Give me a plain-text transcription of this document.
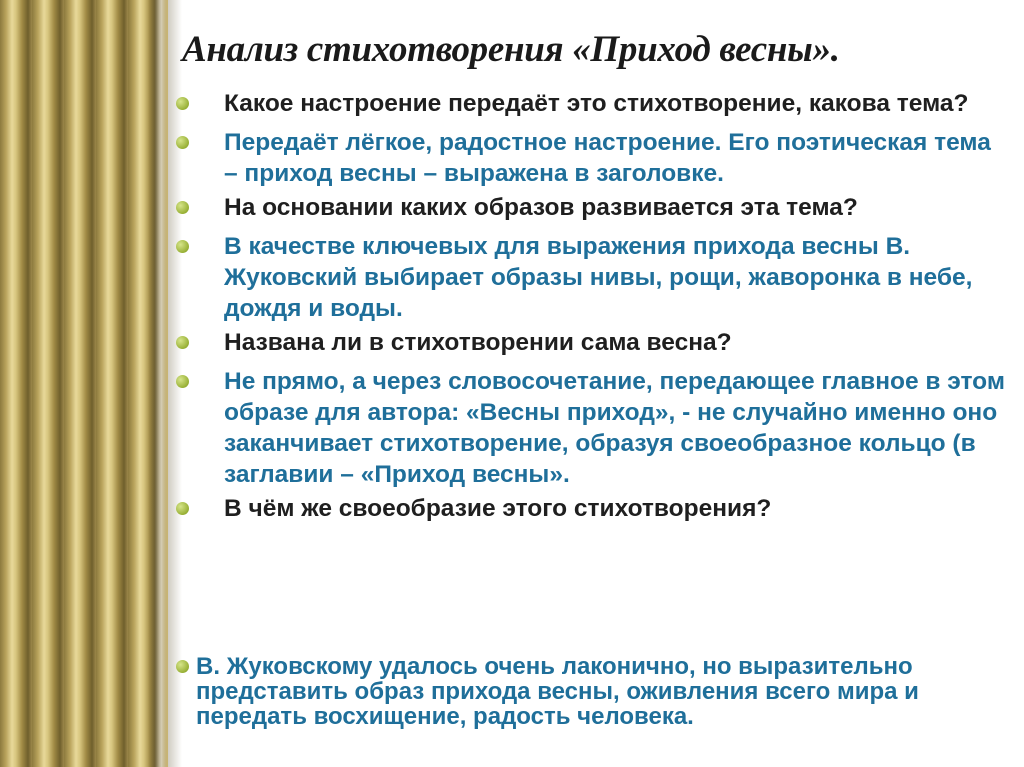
Анализ стихотворения «Приход весны».
Какое настроение передаёт это стихотворение, какова тема?
Передаёт лёгкое, радостное настроение. Его поэтическая тема – приход весны – выражена в заголовке.
На основании каких образов развивается эта тема?
В качестве ключевых для выражения прихода весны В. Жуковский выбирает образы нивы, рощи, жаворонка в небе, дождя и воды.
Названа ли в стихотворении сама весна?
Не прямо, а через словосочетание, передающее главное в этом образе для автора: «Весны приход», - не случайно именно оно заканчивает стихотворение, образуя своеобразное кольцо (в заглавии – «Приход весны».
В чём же своеобразие этого стихотворения?
В. Жуковскому удалось очень лаконично, но выразительно представить образ прихода весны, оживления всего мира и передать восхищение, радость человека.
